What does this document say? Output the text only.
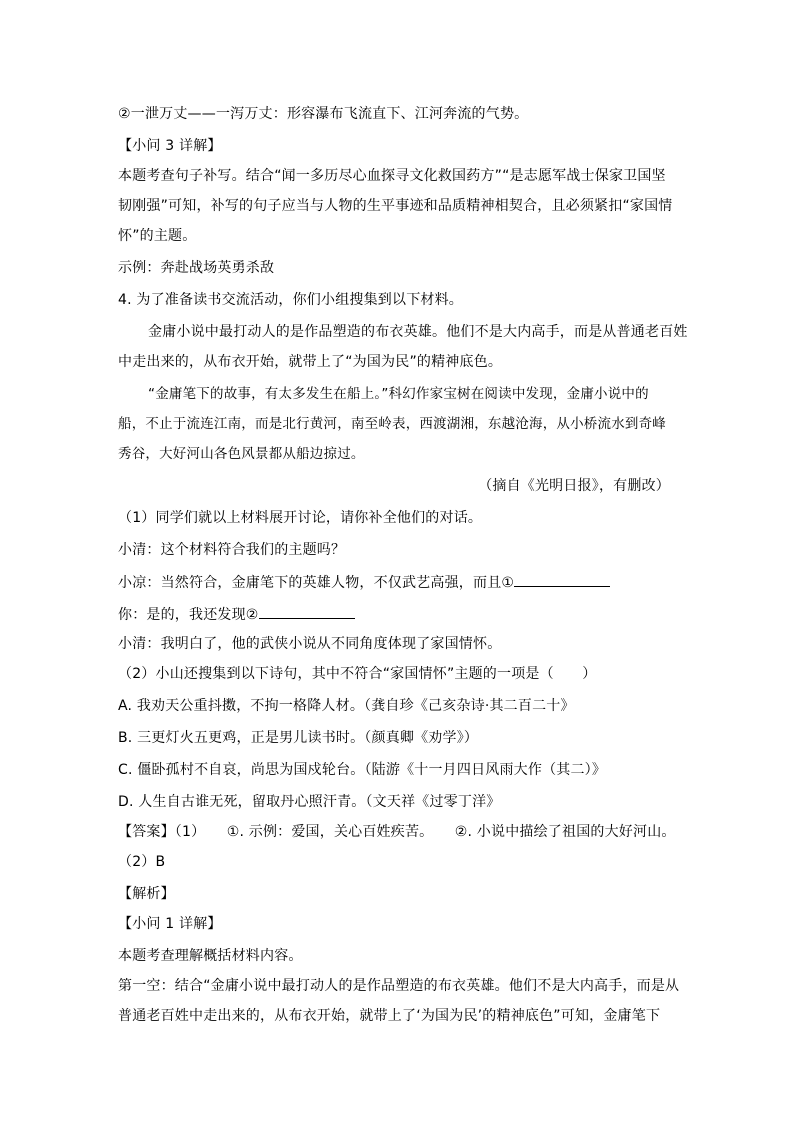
②一泄万丈——一泻万丈：形容瀑布飞流直下、江河奔流的气势。
【小问 3 详解】
本题考查句子补写。结合“闻一多历尽心血探寻文化救国药方”“是志愿军战士保家卫国坚
韧刚强”可知，补写的句子应当与人物的生平事迹和品质精神相契合，且必须紧扣“家国情
怀”的主题。
示例：奔赴战场英勇杀敌
4. 为了准备读书交流活动，你们小组搜集到以下材料。
金庸小说中最打动人的是作品塑造的布衣英雄。他们不是大内高手，而是从普通老百姓
中走出来的，从布衣开始，就带上了“为国为民”的精神底色。
“金庸笔下的故事，有太多发生在船上。”科幻作家宝树在阅读中发现，金庸小说中的
船，不止于流连江南，而是北行黄河，南至岭表，西渡湖湘，东越沧海，从小桥流水到奇峰
秀谷，大好河山各色风景都从船边掠过。
（摘自《光明日报》，有删改）
（1）同学们就以上材料展开讨论，请你补全他们的对话。
小清：这个材料符合我们的主题吗？
小凉：当然符合，金庸笔下的英雄人物，不仅武艺高强，而且①
你：是的，我还发现②
小清：我明白了，他的武侠小说从不同角度体现了家国情怀。
（2）小山还搜集到以下诗句，其中不符合“家国情怀”主题的一项是（　　）
A. 我劝天公重抖擞，不拘一格降人材。（龚自珍《己亥杂诗·其二百二十》
B. 三更灯火五更鸡，正是男儿读书时。（颜真卿《劝学》）
C. 僵卧孤村不自哀，尚思为国戍轮台。（陆游《十一月四日风雨大作（其二）》
D. 人生自古谁无死，留取丹心照汗青。（文天祥《过零丁洋》
【答案】（1）　　①. 示例：爱国，关心百姓疾苦。　　②. 小说中描绘了祖国的大好河山。
（2）B
【解析】
【小问 1 详解】
本题考查理解概括材料内容。
第一空：结合“金庸小说中最打动人的是作品塑造的布衣英雄。他们不是大内高手，而是从
普通老百姓中走出来的，从布衣开始，就带上了‘为国为民’的精神底色”可知，金庸笔下
